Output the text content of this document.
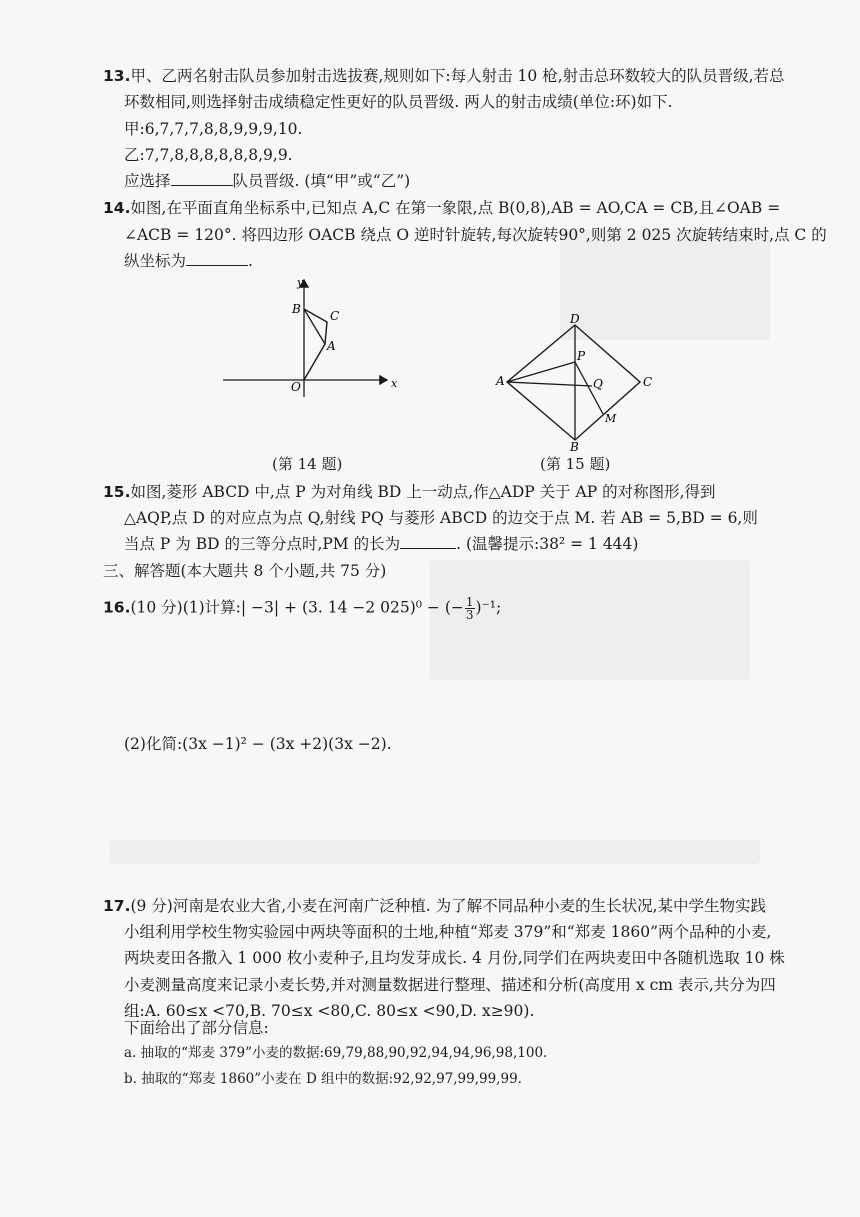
13.甲、乙两名射击队员参加射击选拔赛,规则如下:每人射击 10 枪,射击总环数较大的队员晋级,若总
环数相同,则选择射击成绩稳定性更好的队员晋级. 两人的射击成绩(单位:环)如下.
甲:6,7,7,7,8,8,9,9,9,10.
乙:7,7,8,8,8,8,8,8,9,9.
应选择	队员晋级. (填“甲”或“乙”)
14.如图,在平面直角坐标系中,已知点 A,C 在第一象限,点 B(0,8),AB = AO,CA = CB,且∠OAB =
∠ACB = 120°. 将四边形 OACB 绕点 O 逆时针旋转,每次旋转90°,则第 2 025 次旋转结束时,点 C 的
纵坐标为	.
y
x
B C
A
O
(第 14 题)
D
P
A	Q	C
M
B
(第 15 题)
15.如图,菱形 ABCD 中,点 P 为对角线 BD 上一动点,作△ADP 关于 AP 的对称图形,得到
△AQP,点 D 的对应点为点 Q,射线 PQ 与菱形 ABCD 的边交于点 M. 若 AB = 5,BD = 6,则
当点 P 为 BD 的三等分点时,PM 的长为	. (温馨提示:38² = 1 444)
三、解答题(本大题共 8 个小题,共 75 分)
16.(10 分)(1)计算:| −3| + (3. 14 −2 025)⁰ − (− $\frac{1}{3} )^{-1}$;
(2)化简:(3x −1)² − (3x +2)(3x −2).
17.(9 分)河南是农业大省,小麦在河南广泛种植. 为了解不同品种小麦的生长状况,某中学生物实践
小组利用学校生物实验园中两块等面积的土地,种植“郑麦 379”和“郑麦 1860”两个品种的小麦,
两块麦田各撒入 1 000 枚小麦种子,且均发芽成长. 4 月份,同学们在两块麦田中各随机选取 10 株
小麦测量高度来记录小麦长势,并对测量数据进行整理、描述和分析(高度用 x cm 表示,共分为四
组:A. 60≤x <70,B. 70≤x <80,C. 80≤x <90,D. x≥90).
下面给出了部分信息:
a. 抽取的“郑麦 379”小麦的数据:69,79,88,90,92,94,94,96,98,100.
b. 抽取的“郑麦 1860”小麦在 D 组中的数据:92,92,97,99,99,99.
